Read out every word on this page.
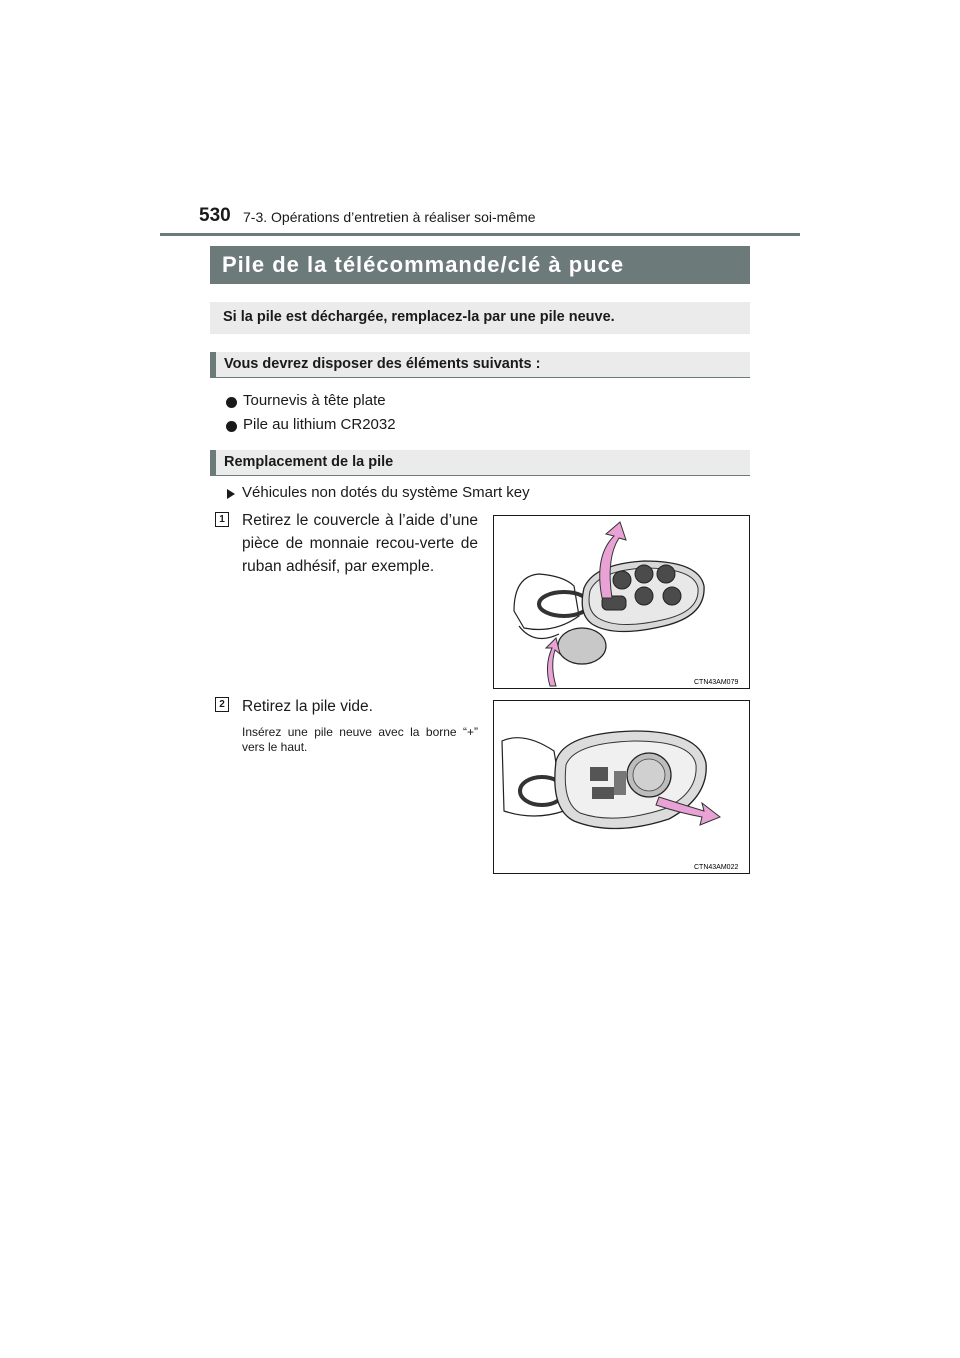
530 7-3. Opérations d’entretien à réaliser soi-même
Pile de la télécommande/clé à puce
Si la pile est déchargée, remplacez-la par une pile neuve.
Vous devrez disposer des éléments suivants :
Tournevis à tête plate
Pile au lithium CR2032
Remplacement de la pile
Véhicules non dotés du système Smart key
1 Retirez le couvercle à l’aide d’une pièce de monnaie recou-verte de ruban adhésif, par exemple.
CTN43AM079
2 Retirez la pile vide.
Insérez une pile neuve avec la borne “+” vers le haut.
CTN43AM022
